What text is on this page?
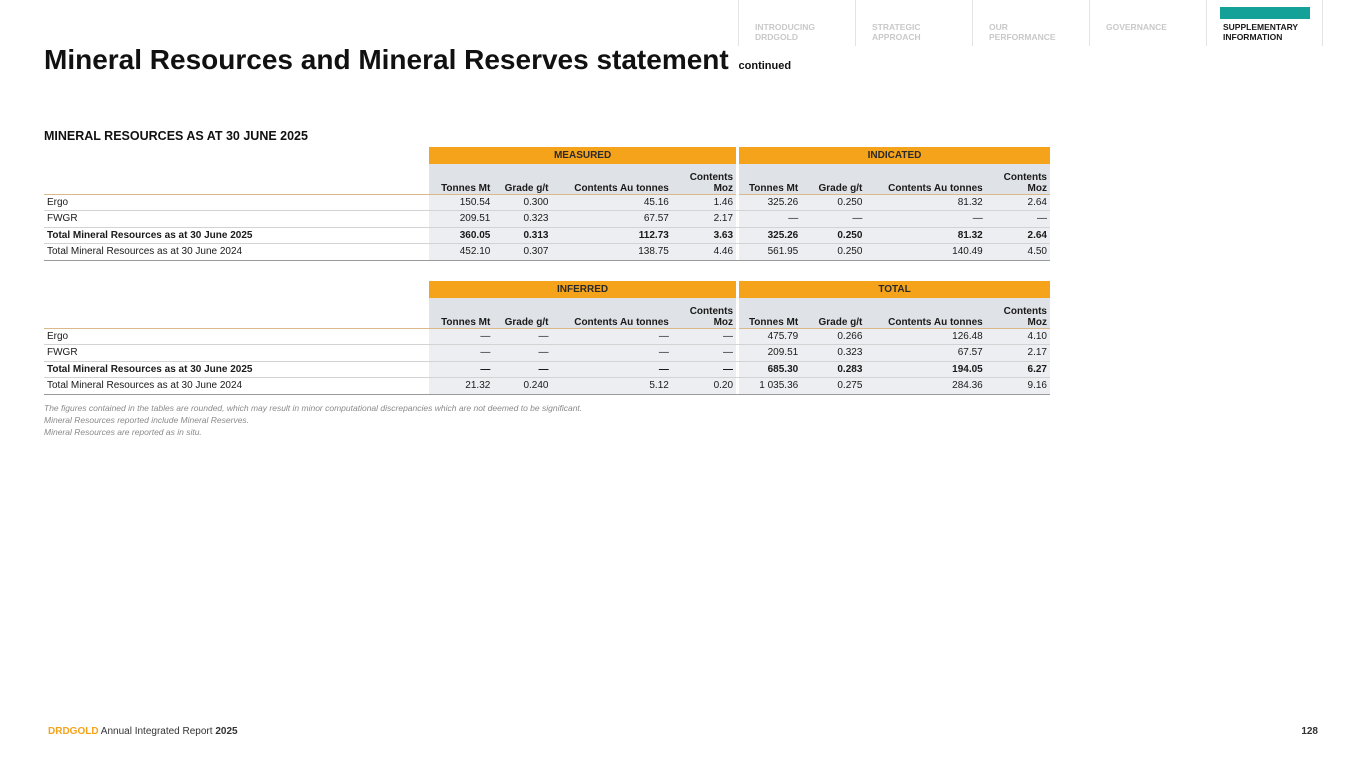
INTRODUCING
DRDGOLD
STRATEGIC
APPROACH
OUR
PERFORMANCE
GOVERNANCE	SUPPLEMENTARY
INFORMATION
Mineral Resources and Mineral Reserves statement continued
MINERAL RESOURCES AS AT 30 JUNE 2025
	MEASURED					INDICATED			
	Tonnes Mt	Grade g/t	Contents Au tonnes	Contents Moz		Tonnes Mt	Grade g/t	Contents Au tonnes	Contents Moz
Ergo	150.54	0.300	45.16	1.46		325.26	0.250	81.32	2.64
FWGR	209.51	0.323	67.57	2.17		—	—	—	—
Total Mineral Resources as at 30 June 2025	360.05	0.313	112.73	3.63		325.26	0.250	81.32	2.64
Total Mineral Resources as at 30 June 2024	452.10	0.307	138.75	4.46		561.95	0.250	140.49	4.50
	INFERRED					TOTAL			
	Tonnes Mt	Grade g/t	Contents Au tonnes	Contents Moz		Tonnes Mt	Grade g/t	Contents Au tonnes	Contents Moz
Ergo	—	—	—	—		475.79	0.266	126.48	4.10
FWGR	—	—	—	—		209.51	0.323	67.57	2.17
Total Mineral Resources as at 30 June 2025	—	—	—	—		685.30	0.283	194.05	6.27
Total Mineral Resources as at 30 June 2024	21.32	0.240	5.12	0.20		1 035.36	0.275	284.36	9.16
The figures contained in the tables are rounded, which may result in minor computational discrepancies which are not deemed to be significant.
Mineral Resources reported include Mineral Reserves.
Mineral Resources are reported as in situ.
DRDGOLD Annual Integrated Report 2025	128
